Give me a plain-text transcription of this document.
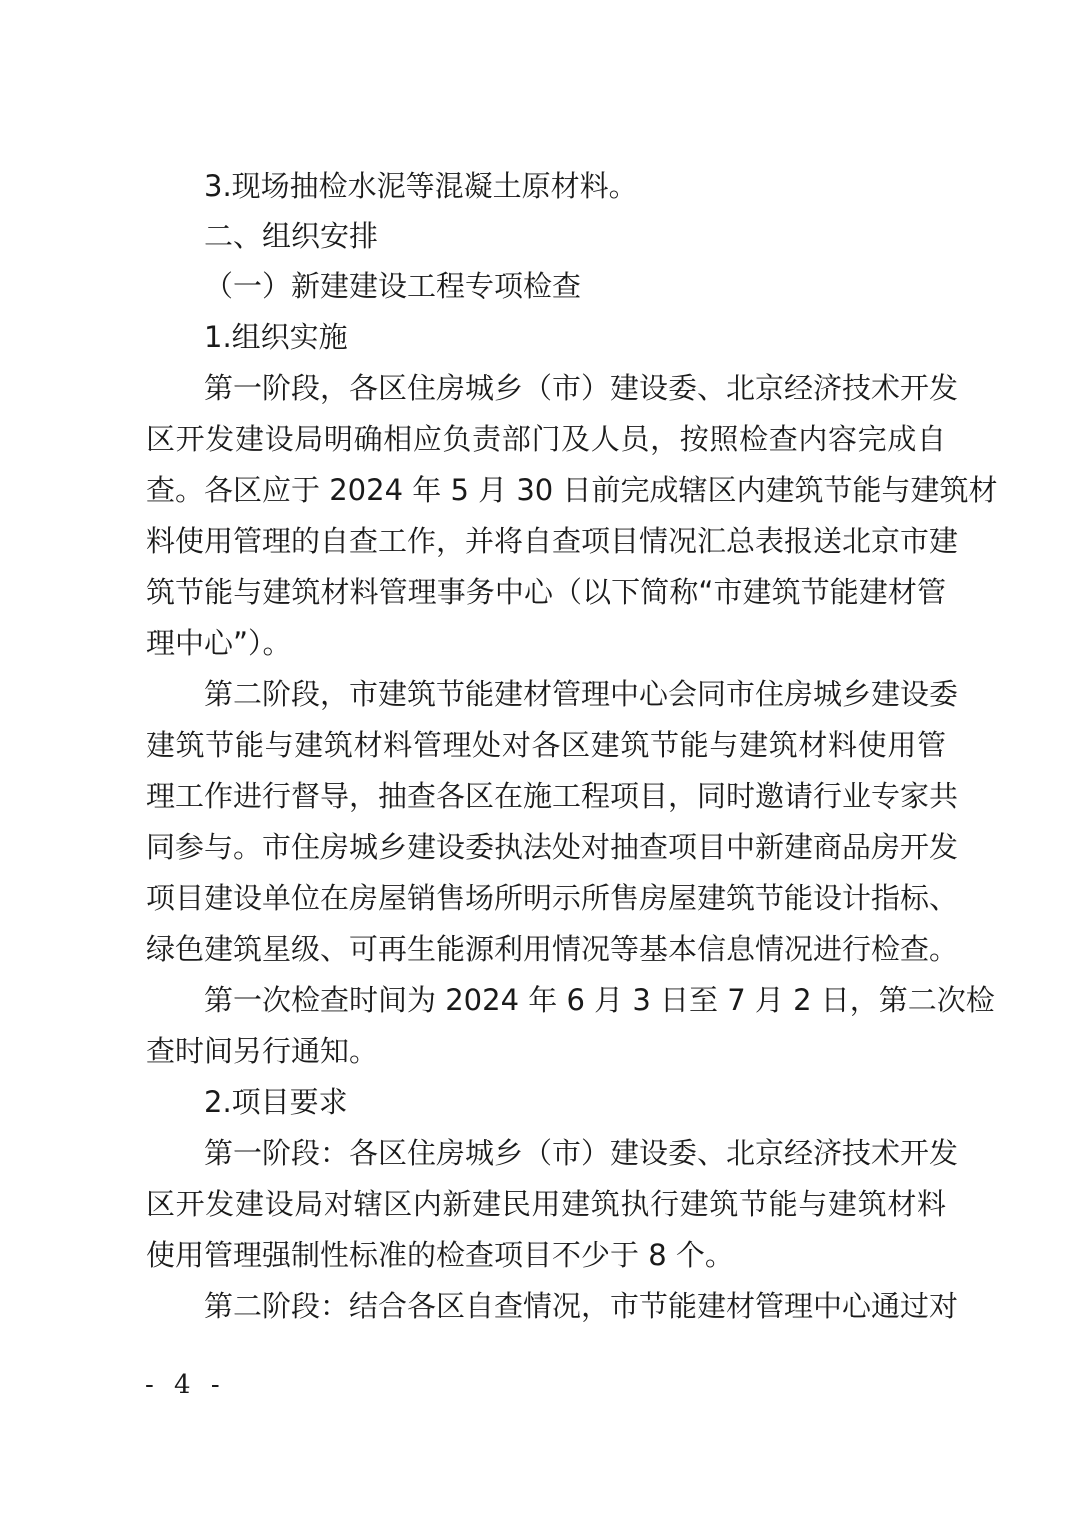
3.现场抽检水泥等混凝土原材料。
二、组织安排
（一）新建建设工程专项检查
1.组织实施
第一阶段，各区住房城乡（市）建设委、北京经济技术开发
区开发建设局明确相应负责部门及人员，按照检查内容完成自
查。各区应于 2024 年 5 月 30 日前完成辖区内建筑节能与建筑材
料使用管理的自查工作，并将自查项目情况汇总表报送北京市建
筑节能与建筑材料管理事务中心（以下简称“市建筑节能建材管
理中心”）。
第二阶段，市建筑节能建材管理中心会同市住房城乡建设委
建筑节能与建筑材料管理处对各区建筑节能与建筑材料使用管
理工作进行督导，抽查各区在施工程项目，同时邀请行业专家共
同参与。市住房城乡建设委执法处对抽查项目中新建商品房开发
项目建设单位在房屋销售场所明示所售房屋建筑节能设计指标、
绿色建筑星级、可再生能源利用情况等基本信息情况进行检查。
第一次检查时间为 2024 年 6 月 3 日至 7 月 2 日，第二次检
查时间另行通知。
2.项目要求
第一阶段：各区住房城乡（市）建设委、北京经济技术开发
区开发建设局对辖区内新建民用建筑执行建筑节能与建筑材料
使用管理强制性标准的检查项目不少于 8 个。
第二阶段：结合各区自查情况，市节能建材管理中心通过对
- 4 -
